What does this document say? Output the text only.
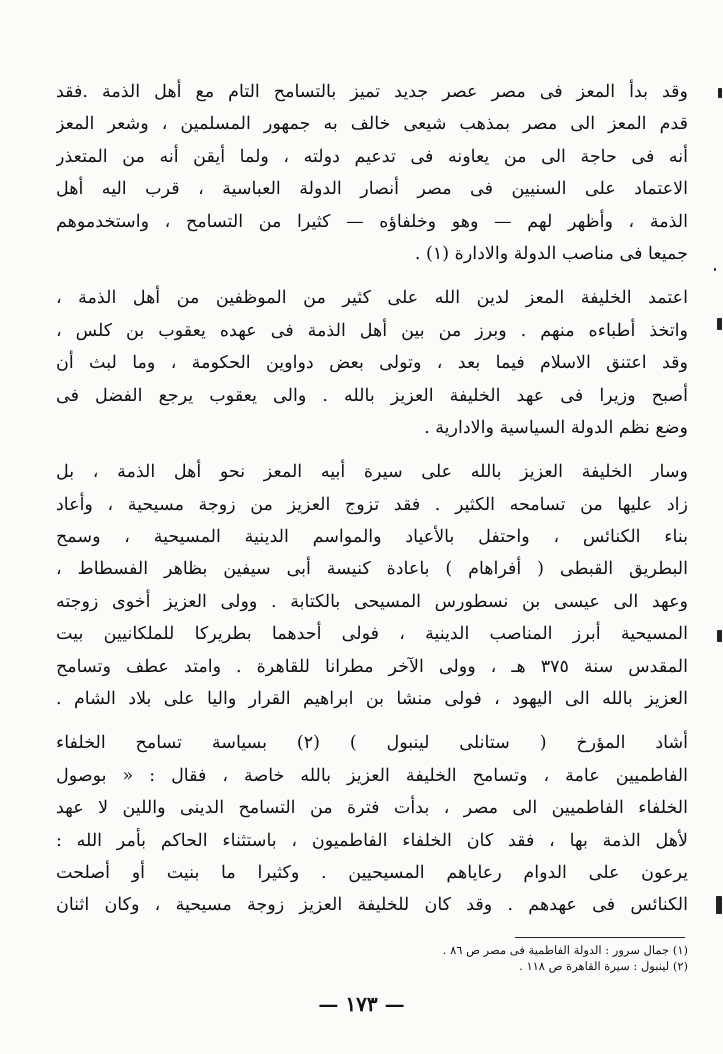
وقد بدأ المعز فى مصر عصر جديد تميز بالتسامح التام مع أهل الذمة .فقد
قدم المعز الى مصر بمذهب شيعى خالف به جمهور المسلمين ، وشعر المعز
أنه فى حاجة الى من يعاونه فى تدعيم دولته ، ولما أيقن أنه من المتعذر
الاعتماد على السنيين فى مصر أنصار الدولة العباسية ، قرب اليه أهل
الذمة ، وأظهر لهم — وهو وخلفاؤه — كثيرا من التسامح ، واستخدموهم
جميعا فى مناصب الدولة والادارة (١) .
اعتمد الخليفة المعز لدين الله على كثير من الموظفين من أهل الذمة ،
واتخذ أطباءه منهم . وبرز من بين أهل الذمة فى عهده يعقوب بن كلس ،
وقد اعتنق الاسلام فيما بعد ، وتولى بعض دواوين الحكومة ، وما لبث أن
أصبح وزيرا فى عهد الخليفة العزيز بالله . والى يعقوب يرجع الفضل فى
وضع نظم الدولة السياسية والادارية .
وسار الخليفة العزيز بالله على سيرة أبيه المعز نحو أهل الذمة ، بل
زاد عليها من تسامحه الكثير . فقد تزوج العزيز من زوجة مسيحية ، وأعاد
بناء الكنائس ، واحتفل بالأعياد والمواسم الدينية المسيحية ، وسمح
البطريق القبطى ( أفراهام ) باعادة كنيسة أبى سيفين بظاهر الفسطاط ،
وعهد الى عيسى بن نسطورس المسيحى بالكتابة . وولى العزيز أخوى زوجته
المسيحية أبرز المناصب الدينية ، فولى أحدهما بطريركا للملكانيين بيت
المقدس سنة ٣٧٥ هـ ، وولى الآخر مطرانا للقاهرة . وامتد عطف وتسامح
العزيز بالله الى اليهود ، فولى منشا بن ابراهيم القرار واليا على بلاد الشام .
أشاد المؤرخ ( ستانلى لينبول ) (٢) بسياسة تسامح الخلفاء
الفاطميين عامة ، وتسامح الخليفة العزيز بالله خاصة ، فقال : « بوصول
الخلفاء الفاطميين الى مصر ، بدأت فترة من التسامح الدينى واللين لا عهد
لأهل الذمة بها ، فقد كان الخلفاء الفاطميون ، باستثناء الحاكم بأمر الله :
يرعون على الدوام رعاياهم المسيحيين . وكثيرا ما بنيت أو أصلحت
الكنائس فى عهدهم . وقد كان للخليفة العزيز زوجة مسيحية ، وكان اثنان
(١) جمال سرور : الدولة الفاطمية فى مصر ص ٨٦ .
(٢) لينبول : سيرة القاهرة ص ١١٨ .
— ١٧٣ —
